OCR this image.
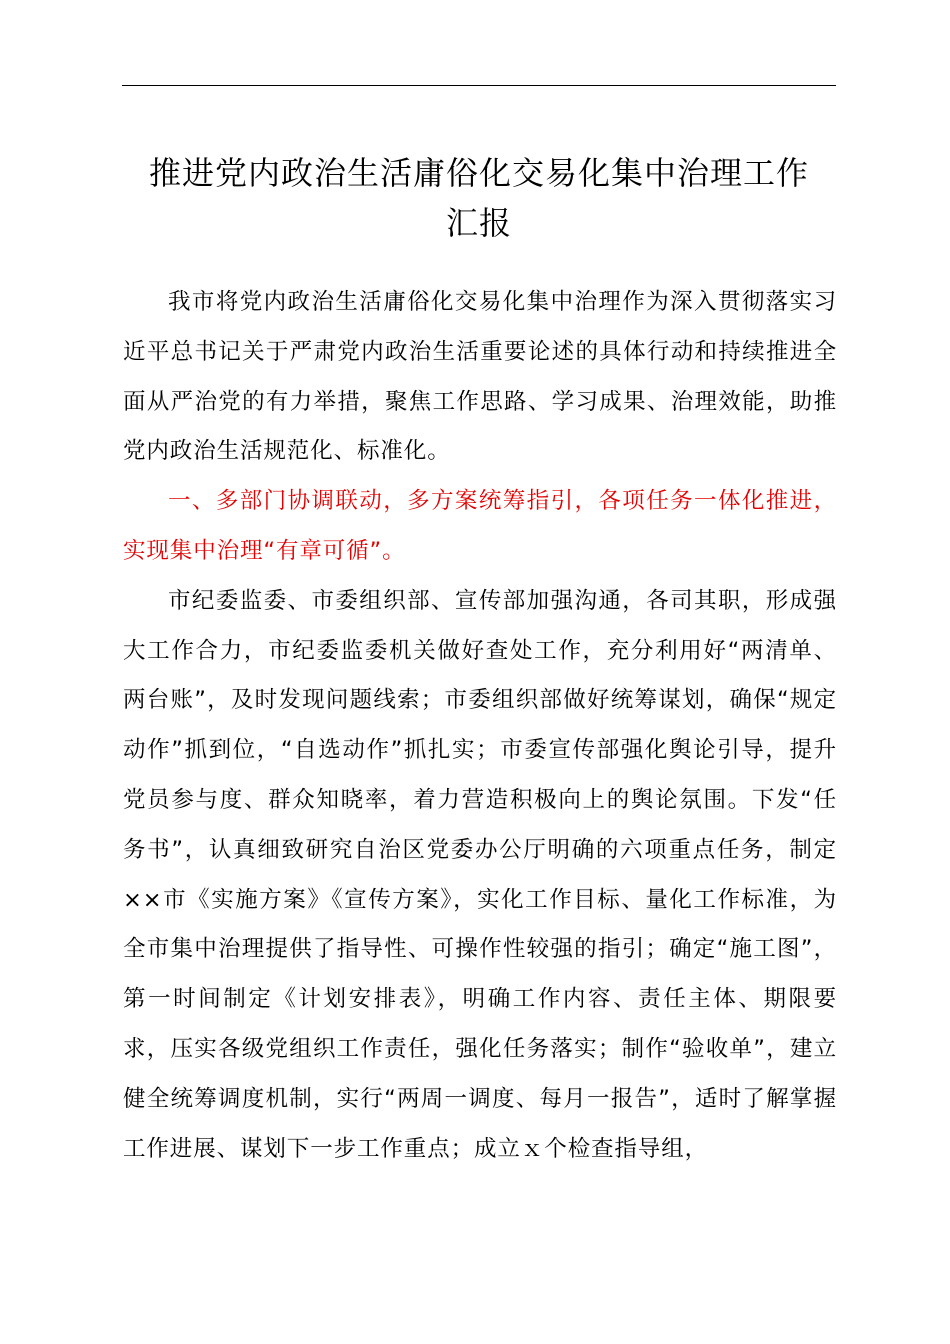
推进党内政治生活庸俗化交易化集中治理工作
汇报

我市将党内政治生活庸俗化交易化集中治理作为深入贯彻落实习近平总书记关于严肃党内政治生活重要论述的具体行动和持续推进全面从严治党的有力举措，聚焦工作思路、学习成果、治理效能，助推党内政治生活规范化、标准化。

一、多部门协调联动，多方案统筹指引，各项任务一体化推进，实现集中治理“有章可循”。

市纪委监委、市委组织部、宣传部加强沟通，各司其职，形成强大工作合力，市纪委监委机关做好查处工作，充分利用好“两清单、两台账”，及时发现问题线索；市委组织部做好统筹谋划，确保“规定动作”抓到位，“自选动作”抓扎实；市委宣传部强化舆论引导，提升党员参与度、群众知晓率，着力营造积极向上的舆论氛围。下发“任务书”，认真细致研究自治区党委办公厅明确的六项重点任务，制定××市《实施方案》《宣传方案》，实化工作目标、量化工作标准，为全市集中治理提供了指导性、可操作性较强的指引；确定“施工图”，第一时间制定《计划安排表》，明确工作内容、责任主体、期限要求，压实各级党组织工作责任，强化任务落实；制作“验收单”，建立健全统筹调度机制，实行“两周一调度、每月一报告”，适时了解掌握工作进展、谋划下一步工作重点；成立ｘ个检查指导组，
